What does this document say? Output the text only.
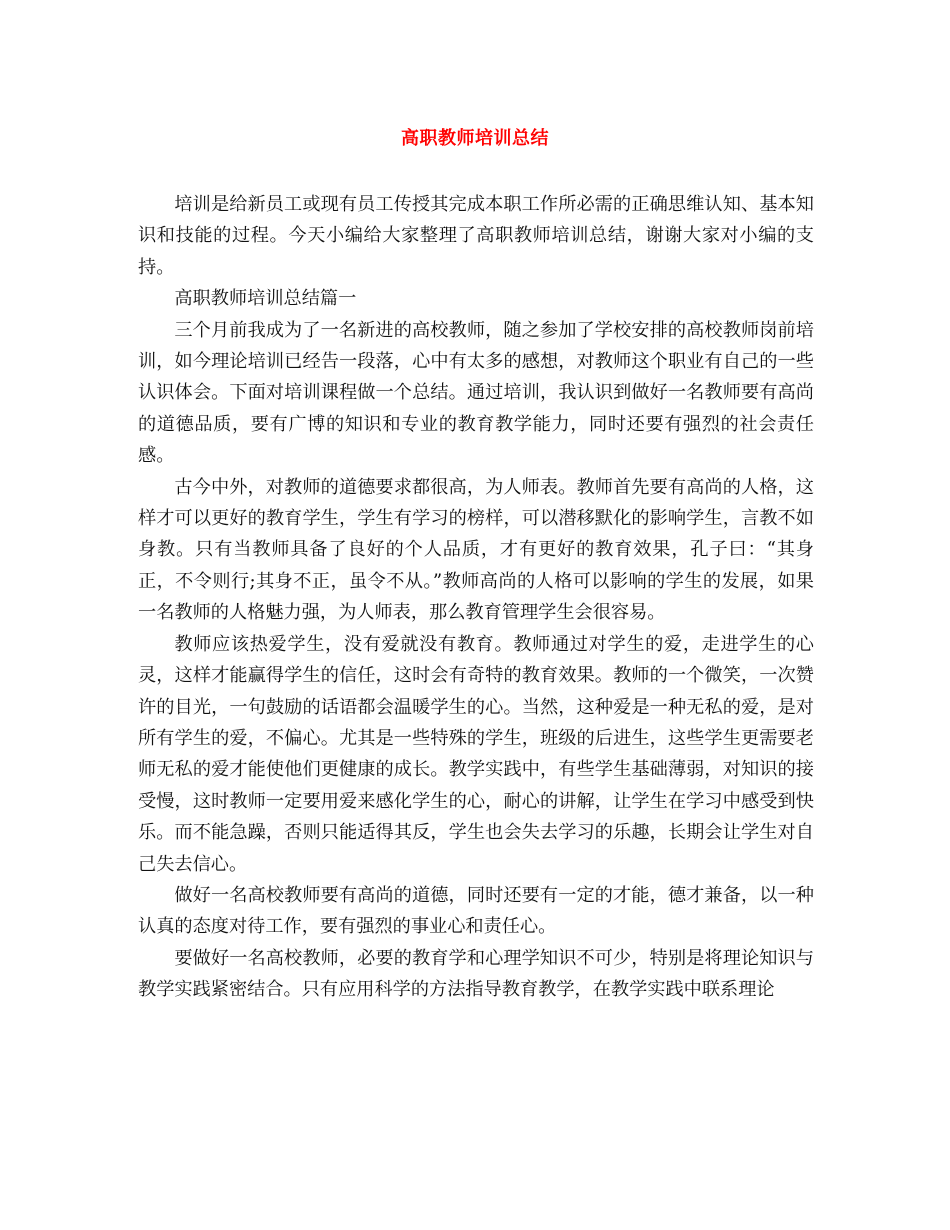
高职教师培训总结

培训是给新员工或现有员工传授其完成本职工作所必需的正确思维认知、基本知识和技能的过程。今天小编给大家整理了高职教师培训总结，谢谢大家对小编的支持。

高职教师培训总结篇一

三个月前我成为了一名新进的高校教师，随之参加了学校安排的高校教师岗前培训，如今理论培训已经告一段落，心中有太多的感想，对教师这个职业有自己的一些认识体会。下面对培训课程做一个总结。通过培训，我认识到做好一名教师要有高尚的道德品质，要有广博的知识和专业的教育教学能力，同时还要有强烈的社会责任感。

古今中外，对教师的道德要求都很高，为人师表。教师首先要有高尚的人格，这样才可以更好的教育学生，学生有学习的榜样，可以潜移默化的影响学生，言教不如身教。只有当教师具备了良好的个人品质，才有更好的教育效果，孔子曰：“其身正，不令则行;其身不正，虽令不从。”教师高尚的人格可以影响的学生的发展，如果一名教师的人格魅力强，为人师表，那么教育管理学生会很容易。

教师应该热爱学生，没有爱就没有教育。教师通过对学生的爱，走进学生的心灵，这样才能赢得学生的信任，这时会有奇特的教育效果。教师的一个微笑，一次赞许的目光，一句鼓励的话语都会温暖学生的心。当然，这种爱是一种无私的爱，是对所有学生的爱，不偏心。尤其是一些特殊的学生，班级的后进生，这些学生更需要老师无私的爱才能使他们更健康的成长。教学实践中，有些学生基础薄弱，对知识的接受慢，这时教师一定要用爱来感化学生的心，耐心的讲解，让学生在学习中感受到快乐。而不能急躁，否则只能适得其反，学生也会失去学习的乐趣，长期会让学生对自己失去信心。

做好一名高校教师要有高尚的道德，同时还要有一定的才能，德才兼备，以一种认真的态度对待工作，要有强烈的事业心和责任心。

要做好一名高校教师，必要的教育学和心理学知识不可少，特别是将理论知识与教学实践紧密结合。只有应用科学的方法指导教育教学，在教学实践中联系理论
